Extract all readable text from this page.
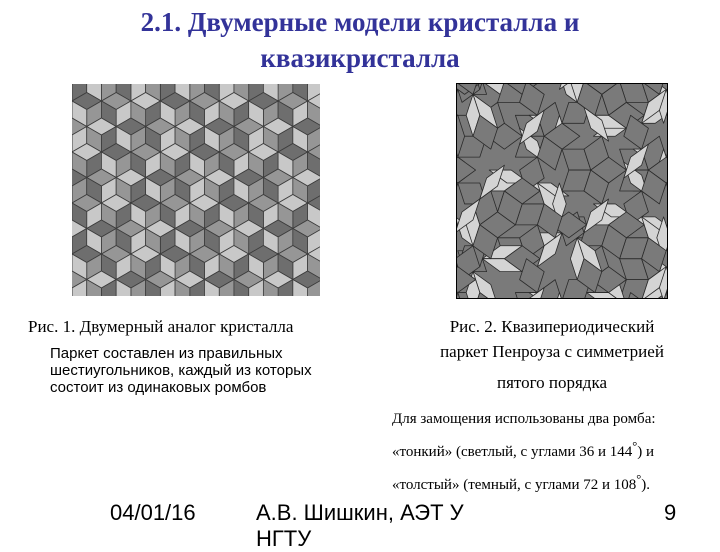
2.1. Двумерные модели кристалла и
квазикристалла
Рис. 1. Двумерный аналог кристалла	Рис. 2. Квазипериодический
паркет Пенроуза с симметрией

пятого порядка
Паркет составлен из правильных шестиугольников, каждый из которых состоит из одинаковых ромбов
Для замощения использованы два ромба:
«тонкий» (светлый, с углами 36 и 144°) и
«толстый» (темный, с углами 72 и 108°).
04/01/16	А.В. Шишкин, АЭТ У НГТУ
9
